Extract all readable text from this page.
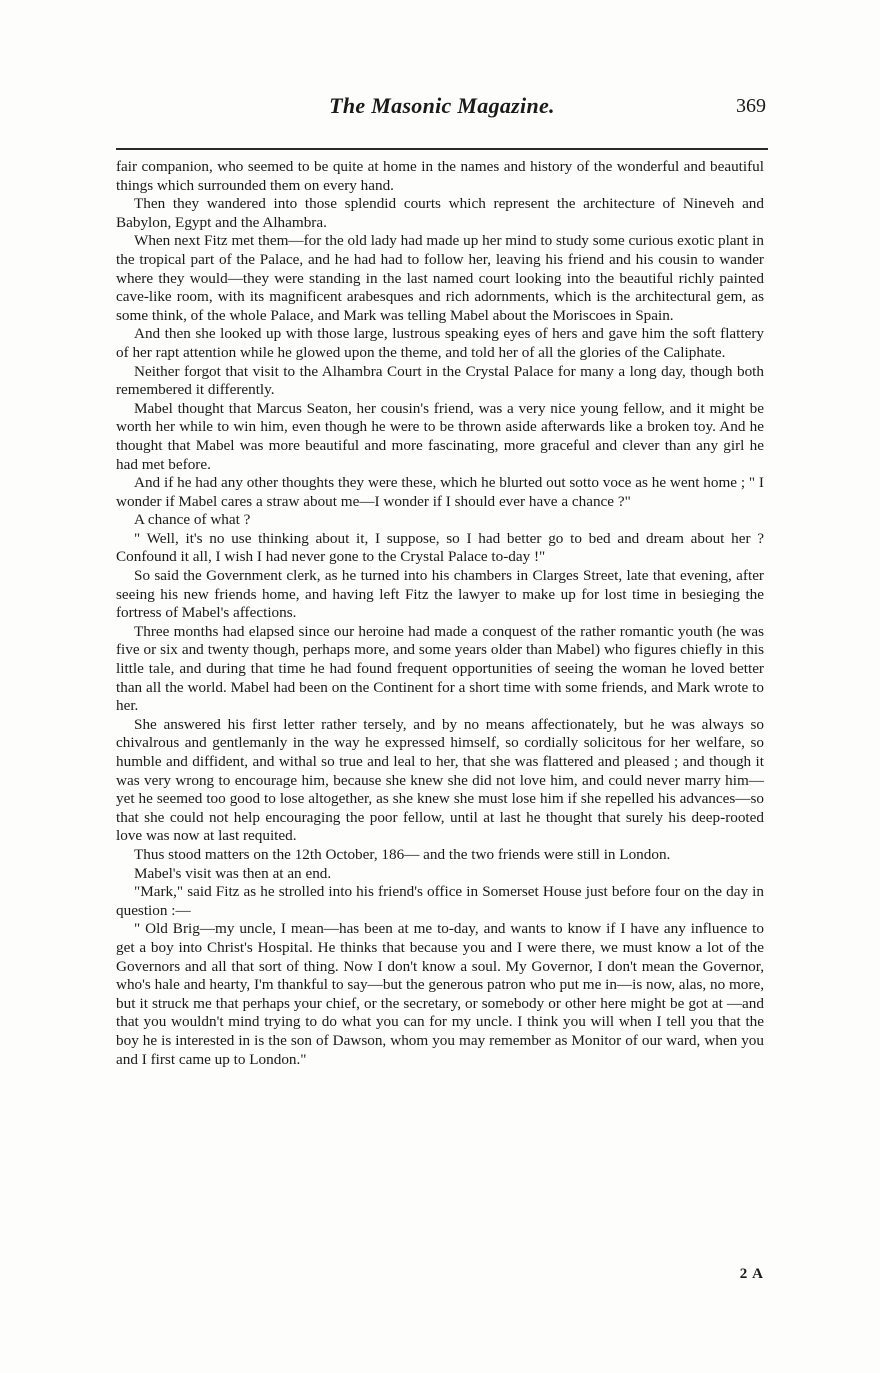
The Masonic Magazine.	369

fair companion, who seemed to be quite at home in the names and history of the wonderful and beautiful things which surrounded them on every hand.

Then they wandered into those splendid courts which represent the architecture of Nineveh and Babylon, Egypt and the Alhambra.

When next Fitz met them—for the old lady had made up her mind to study some curious exotic plant in the tropical part of the Palace, and he had had to follow her, leaving his friend and his cousin to wander where they would—they were standing in the last named court looking into the beautiful richly painted cave-like room, with its magnificent arabesques and rich adornments, which is the architectural gem, as some think, of the whole Palace, and Mark was telling Mabel about the Moriscoes in Spain.

And then she looked up with those large, lustrous speaking eyes of hers and gave him the soft flattery of her rapt attention while he glowed upon the theme, and told her of all the glories of the Caliphate.

Neither forgot that visit to the Alhambra Court in the Crystal Palace for many a long day, though both remembered it differently.

Mabel thought that Marcus Seaton, her cousin's friend, was a very nice young fellow, and it might be worth her while to win him, even though he were to be thrown aside afterwards like a broken toy. And he thought that Mabel was more beautiful and more fascinating, more graceful and clever than any girl he had met before.

And if he had any other thoughts they were these, which he blurted out sotto voce as he went home ; " I wonder if Mabel cares a straw about me—I wonder if I should ever have a chance ?"

A chance of what ?

" Well, it's no use thinking about it, I suppose, so I had better go to bed and dream about her ? Confound it all, I wish I had never gone to the Crystal Palace to-day !"

So said the Government clerk, as he turned into his chambers in Clarges Street, late that evening, after seeing his new friends home, and having left Fitz the lawyer to make up for lost time in besieging the fortress of Mabel's affections.

Three months had elapsed since our heroine had made a conquest of the rather romantic youth (he was five or six and twenty though, perhaps more, and some years older than Mabel) who figures chiefly in this little tale, and during that time he had found frequent opportunities of seeing the woman he loved better than all the world. Mabel had been on the Continent for a short time with some friends, and Mark wrote to her.

She answered his first letter rather tersely, and by no means affectionately, but he was always so chivalrous and gentlemanly in the way he expressed himself, so cordially solicitous for her welfare, so humble and diffident, and withal so true and leal to her, that she was flattered and pleased ; and though it was very wrong to encourage him, because she knew she did not love him, and could never marry him—yet he seemed too good to lose altogether, as she knew she must lose him if she repelled his advances—so that she could not help encouraging the poor fellow, until at last he thought that surely his deep-rooted love was now at last requited.

Thus stood matters on the 12th October, 186— and the two friends were still in London.

Mabel's visit was then at an end.

"Mark," said Fitz as he strolled into his friend's office in Somerset House just before four on the day in question :—

" Old Brig—my uncle, I mean—has been at me to-day, and wants to know if I have any influence to get a boy into Christ's Hospital. He thinks that because you and I were there, we must know a lot of the Governors and all that sort of thing. Now I don't know a soul. My Governor, I don't mean the Governor, who's hale and hearty, I'm thankful to say—but the generous patron who put me in—is now, alas, no more, but it struck me that perhaps your chief, or the secretary, or somebody or other here might be got at —and that you wouldn't mind trying to do what you can for my uncle. I think you will when I tell you that the boy he is interested in is the son of Dawson, whom you may remember as Monitor of our ward, when you and I first came up to London."

2 A
